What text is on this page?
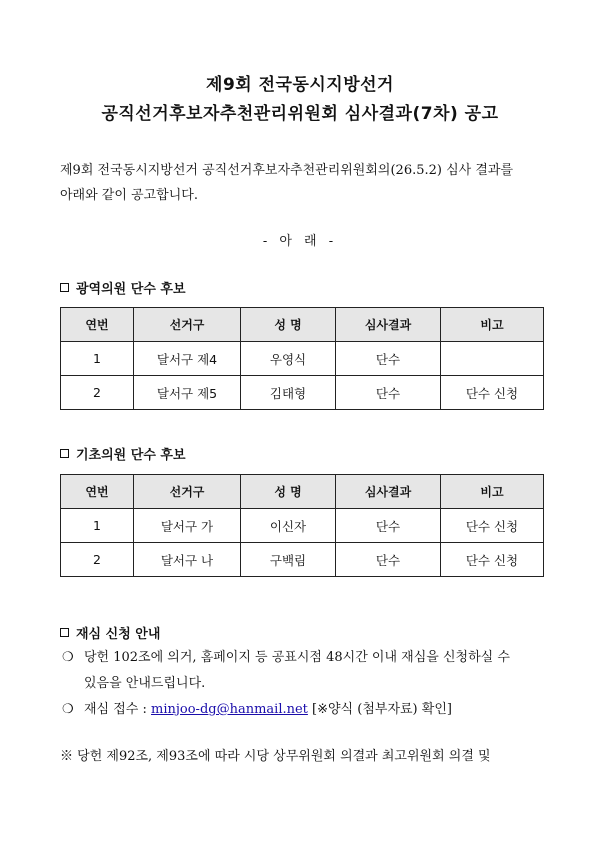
제9회 전국동시지방선거
공직선거후보자추천관리위원회 심사결과(7차) 공고
제9회 전국동시지방선거 공직선거후보자추천관리위원회의(26.5.2) 심사 결과를
아래와 같이 공고합니다.
- 아 래 -
광역의원 단수 후보
연번	선거구	성 명	심사결과	비고
1	달서구 제4	우영식	단수	
2	달서구 제5	김태형	단수	단수 신청
기초의원 단수 후보
연번	선거구	성 명	심사결과	비고
1	달서구 가	이신자	단수	단수 신청
2	달서구 나	구백림	단수	단수 신청
재심 신청 안내
❍ 당헌 102조에 의거, 홈페이지 등 공표시점 48시간 이내 재심을 신청하실 수
있음을 안내드립니다.
❍ 재심 접수 : minjoo-dg@hanmail.net [※양식 (첨부자료) 확인]
※ 당헌 제92조, 제93조에 따라 시당 상무위원회 의결과 최고위원회 의결 및
